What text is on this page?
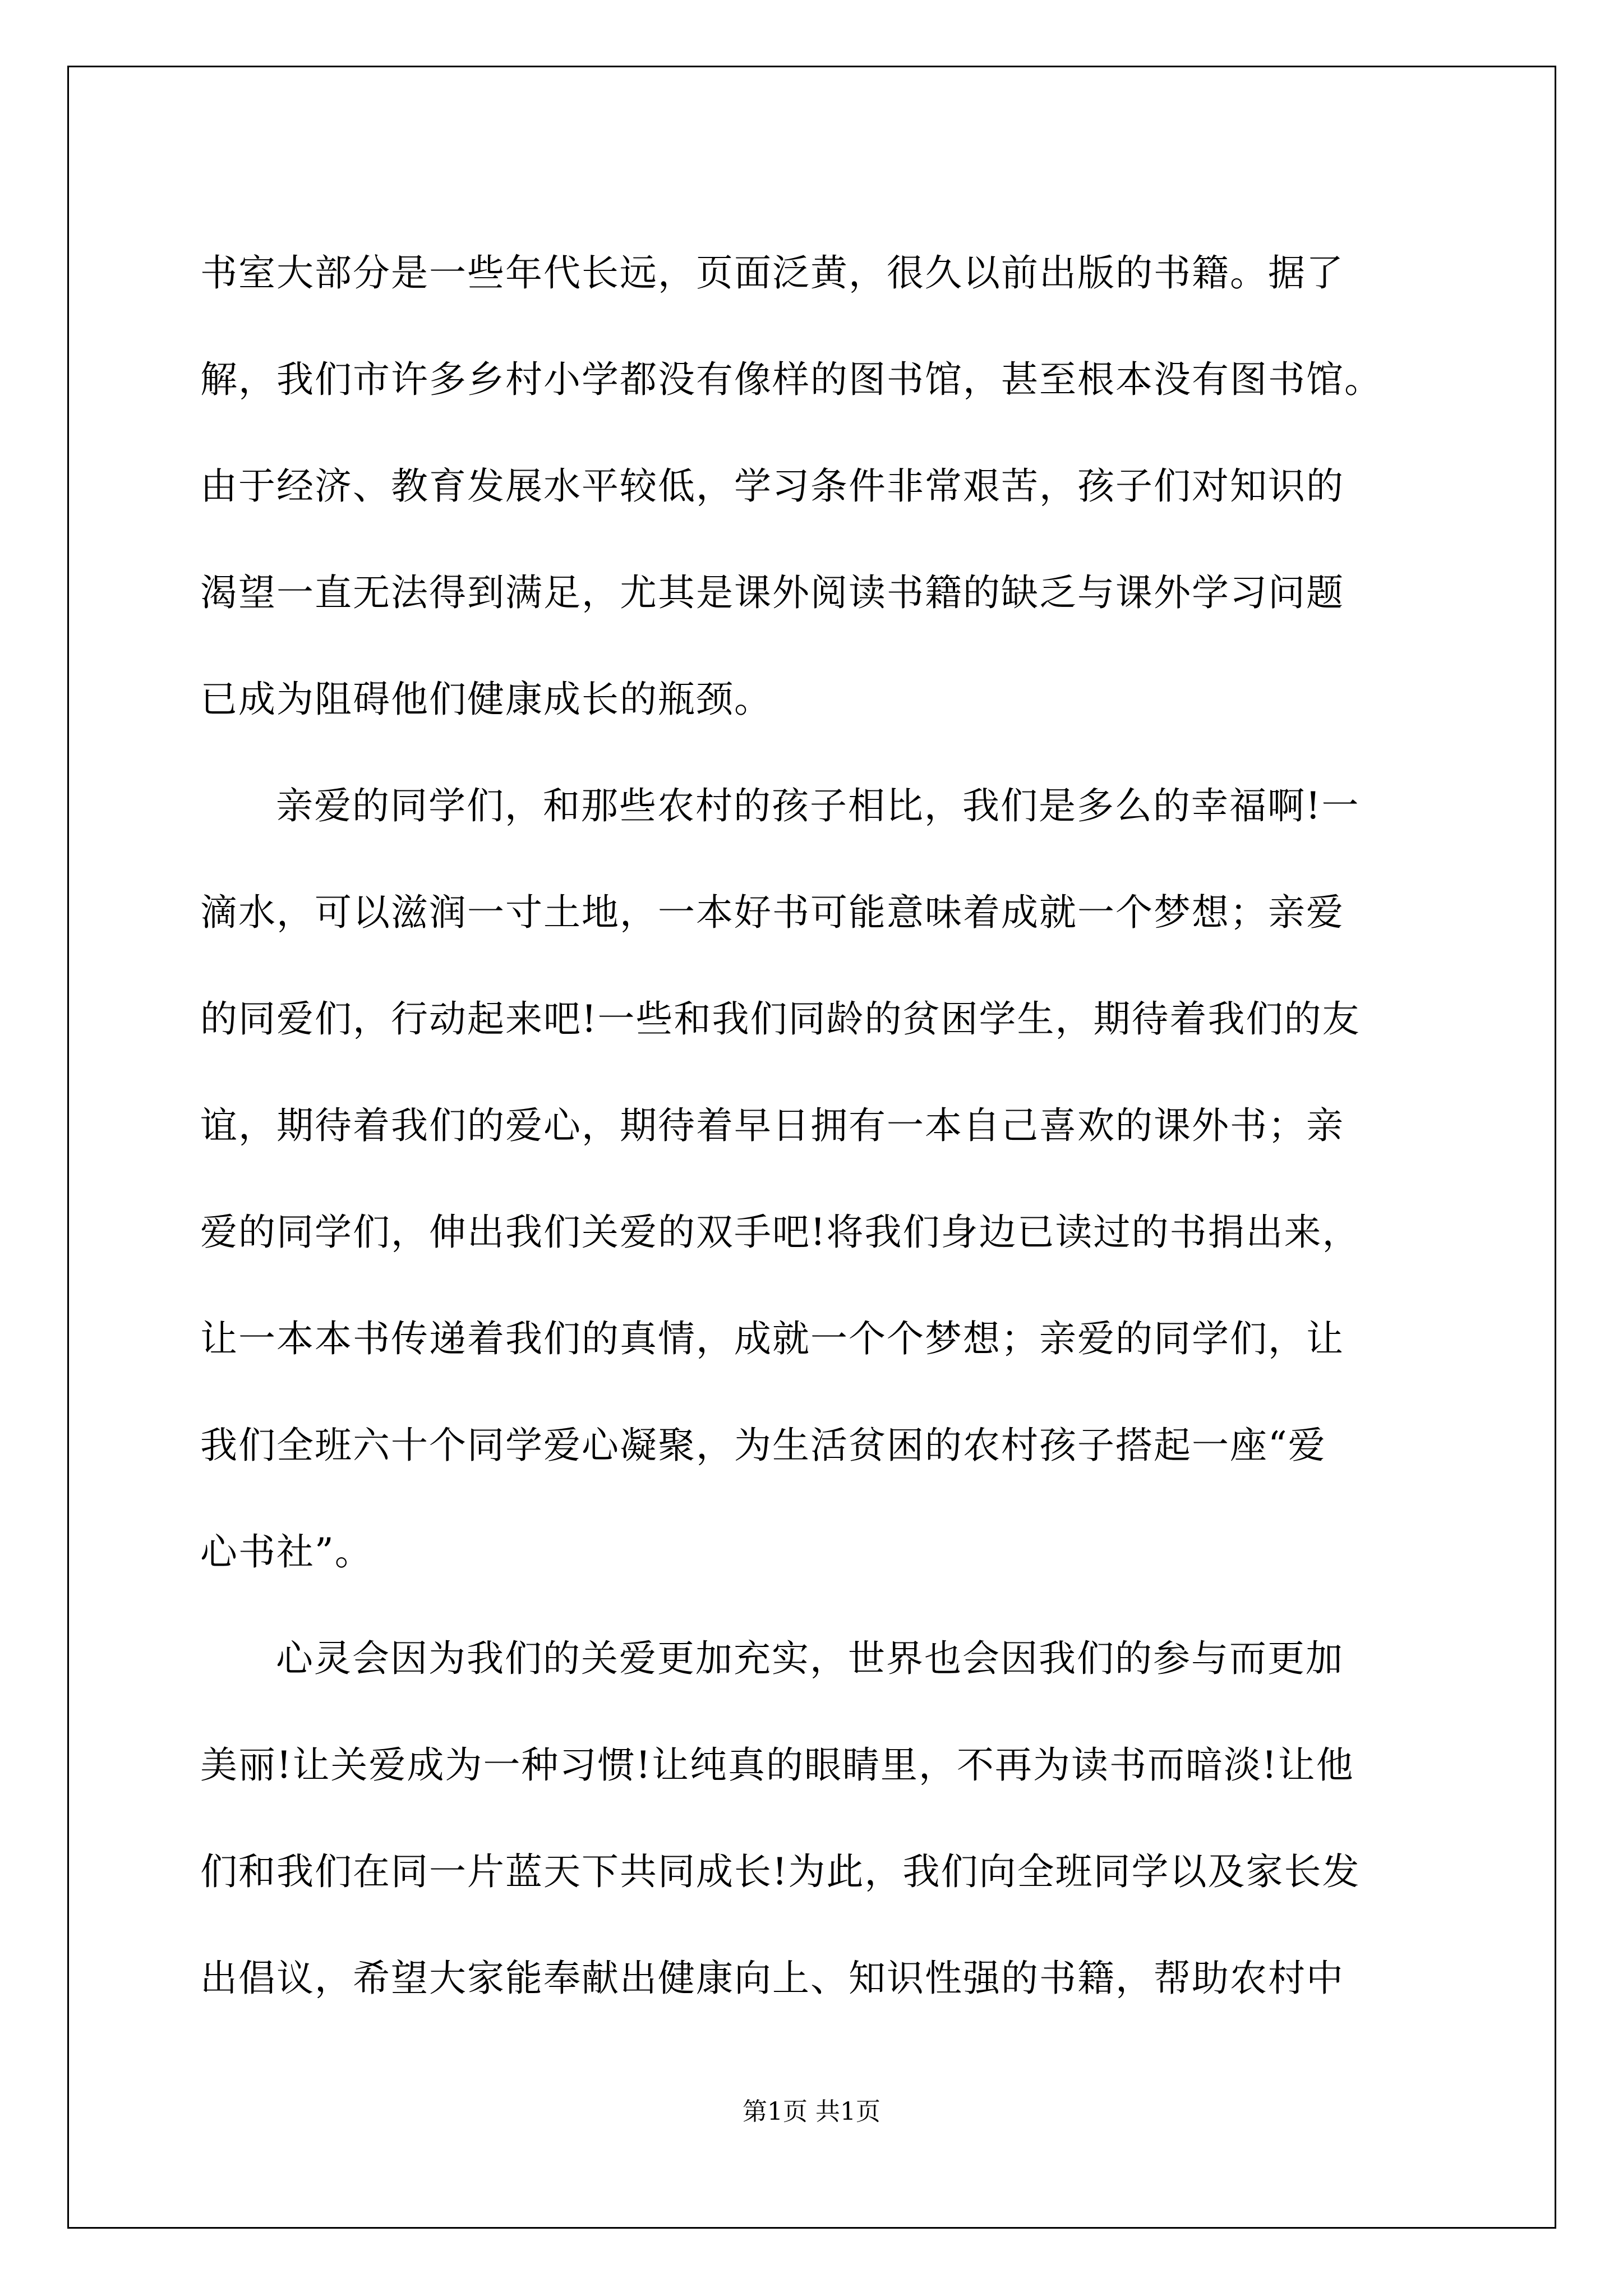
书室大部分是一些年代长远，页面泛黄，很久以前出版的书籍。据了
解，我们市许多乡村小学都没有像样的图书馆，甚至根本没有图书馆。
由于经济、教育发展水平较低，学习条件非常艰苦，孩子们对知识的
渴望一直无法得到满足，尤其是课外阅读书籍的缺乏与课外学习问题
已成为阻碍他们健康成长的瓶颈。
亲爱的同学们，和那些农村的孩子相比，我们是多么的幸福啊!一
滴水，可以滋润一寸土地，一本好书可能意味着成就一个梦想；亲爱
的同爱们，行动起来吧!一些和我们同龄的贫困学生，期待着我们的友
谊，期待着我们的爱心，期待着早日拥有一本自己喜欢的课外书；亲
爱的同学们，伸出我们关爱的双手吧!将我们身边已读过的书捐出来，
让一本本书传递着我们的真情，成就一个个梦想；亲爱的同学们，让
我们全班六十个同学爱心凝聚，为生活贫困的农村孩子搭起一座“爱
心书社”。
心灵会因为我们的关爱更加充实，世界也会因我们的参与而更加
美丽!让关爱成为一种习惯!让纯真的眼睛里，不再为读书而暗淡!让他
们和我们在同一片蓝天下共同成长!为此，我们向全班同学以及家长发
出倡议，希望大家能奉献出健康向上、知识性强的书籍，帮助农村中
第1页 共1页
